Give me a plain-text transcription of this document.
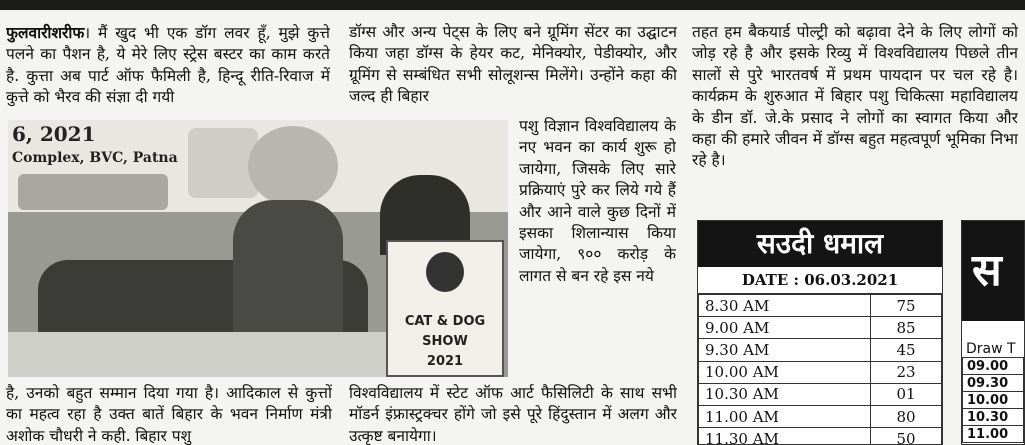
फुलवारीशरीफ। मैं खुद भी एक डॉग लवर हूँ, मुझे कुत्ते पलने का पैशन है, ये मेरे लिए स्ट्रेस बस्टर का काम करते है. कुत्ता अब पार्ट ऑफ फैमिली है, हिन्दू रीति-रिवाज में कुत्ते को भैरव की संज्ञा दी गयी

डॉग्स और अन्य पेट्स के लिए बने ग्रूमिंग सेंटर का उद्घाटन किया जहा डॉग्स के हेयर कट, मेनिक्योर, पेडीक्योर, और ग्रूमिंग से सम्बंधित सभी सोलूशन्स मिलेंगे। उन्होंने कहा की जल्द ही बिहार

तहत हम बैकयार्ड पोल्ट्री को बढ़ावा देने के लिए लोगों को जोड़ रहे है और इसके रिव्यु में विश्वविद्यालय पिछले तीन सालों से पुरे भारतवर्ष में प्रथम पायदान पर चल रहे है। कार्यक्रम के शुरुआत में बिहार पशु चिकित्सा महाविद्यालय के डीन डॉ. जे.के प्रसाद ने लोगों का स्वागत किया और कहा की हमारे जीवन में डॉग्स बहुत महत्वपूर्ण भूमिका निभा रहे है।

6, 2021
Complex, BVC, Patna
CAT & DOG
SHOW
2021

पशु विज्ञान विश्वविद्यालय के नए भवन का कार्य शुरू हो जायेगा, जिसके लिए सारे प्रक्रियाएं पुरे कर लिये गये हैं और आने वाले कुछ दिनों में इसका शिलान्यास किया जायेगा, ९०० करोड़ के लागत से बन रहे इस नये

है, उनको बहुत सम्मान दिया गया है। आदिकाल से कुत्तों का महत्व रहा है उक्त बातें बिहार के भवन निर्माण मंत्री अशोक चौधरी ने कही. बिहार पशु

विश्वविद्यालय में स्टेट ऑफ आर्ट फैसिलिटी के साथ सभी मॉडर्न इंफ्रास्ट्रक्चर होंगे जो इसे पूरे हिंदुस्तान में अलग और उत्कृष्ट बनायेगा।

सउदी धमाल
DATE : 06.03.2021
8.30 AM	75
9.00 AM	85
9.30 AM	45
10.00 AM	23
10.30 AM	01
11.00 AM	80
11.30 AM	50
स
Draw T
09.00
09.30
10.00
10.30
11.00
